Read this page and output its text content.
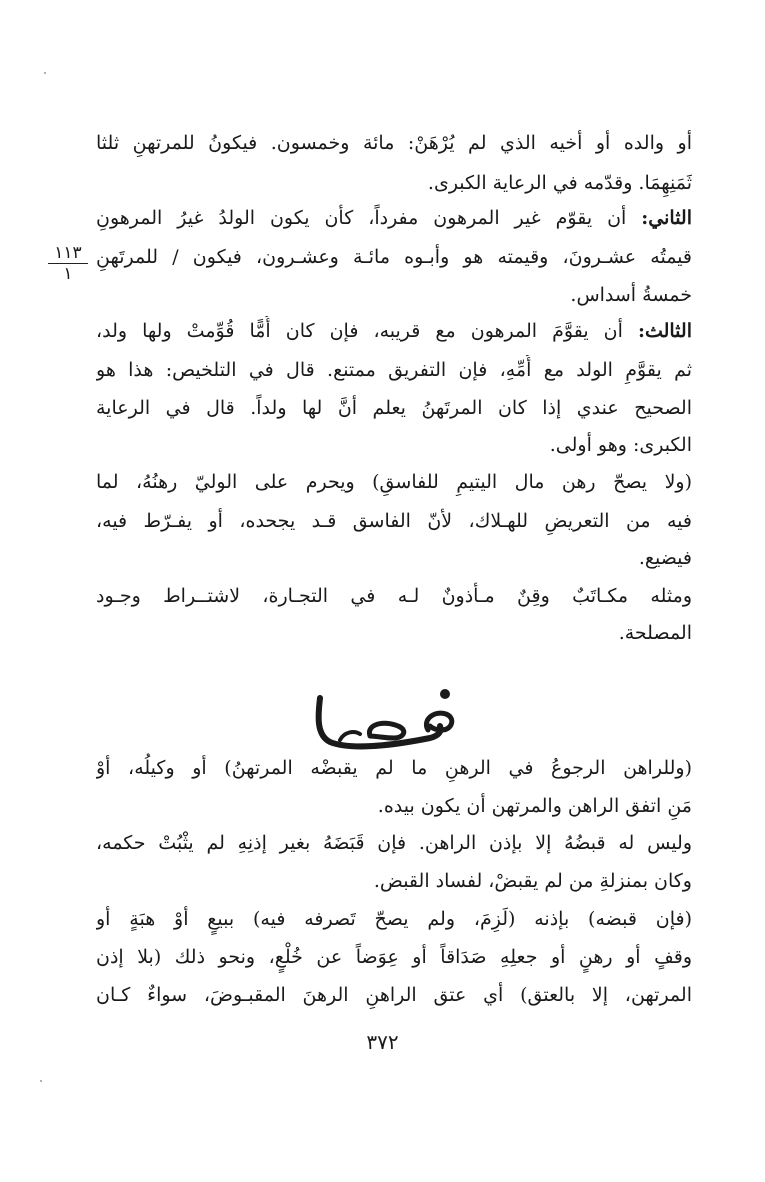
١١٣
١
أو والده أو أخيه الذي لم يُرْهَنْ: مائة وخمسون. فيكونُ للمرتهنِ ثلثا
ثَمَنِهِمَا. وقدّمه في الرعاية الكبرى.
الثاني: أن يقوّم غير المرهون مفرداً، كأن يكون الولدُ غيرُ المرهونِ
قيمتُه عشـرونَ، وقيمته هو وأبـوه مائـة وعشـرون، فيكون / للمرتَهنِ
خمسةُ أسداس.
الثالث: أن يقوَّمَ المرهون مع قريبه، فإن كان أُمًّا قُوِّمتْ ولها ولد،
ثم يقوَّمِ الولد مع أُمِّهِ، فإن التفريق ممتنع. قال في التلخيص: هذا هو
الصحيح عندي إذا كان المرتَهنُ يعلم أنَّ لها ولداً. قال في الرعاية
الكبرى: وهو أولى.
(ولا يصحّ رهن مال اليتيمِ للفاسقِ) ويحرم على الوليّ رهنُهُ، لما
فيه من التعريضِ للهـلاك، لأنّ الفاسق قـد يجحده، أو يفـرّط فيه،
فيضيع.
ومثله مكـاتَبٌ وقِنٌ مـأذونٌ لـه في التجـارة، لاشتــراط وجـود
المصلحة.
(وللراهن الرجوعُ في الرهنِ ما لم يقبضْه المرتهنُ) أو وكيلُه، أوْ
مَنِ اتفق الراهن والمرتهن أن يكون بيده.
وليس له قبضُهُ إلا بإذن الراهن. فإن قَبَضَهُ بغير إذنِهِ لم يثْبُتْ حكمه،
وكان بمنزلةِ من لم يقبضْ، لفساد القبض.
(فإن قبضه) بإذنه (لَزِمَ، ولم يصحّ تَصرفه فيه) ببيعٍ أوْ هبَةٍ أو
وقفٍ أو رهنٍ أو جعلِهِ صَدَاقاً أو عِوَضاً عن خُلْعٍ، ونحو ذلك (بلا إذن
المرتهن، إلا بالعتق) أي عتق الراهنِ الرهنَ المقبـوضَ، سواءٌ كـان
٣٧٢
